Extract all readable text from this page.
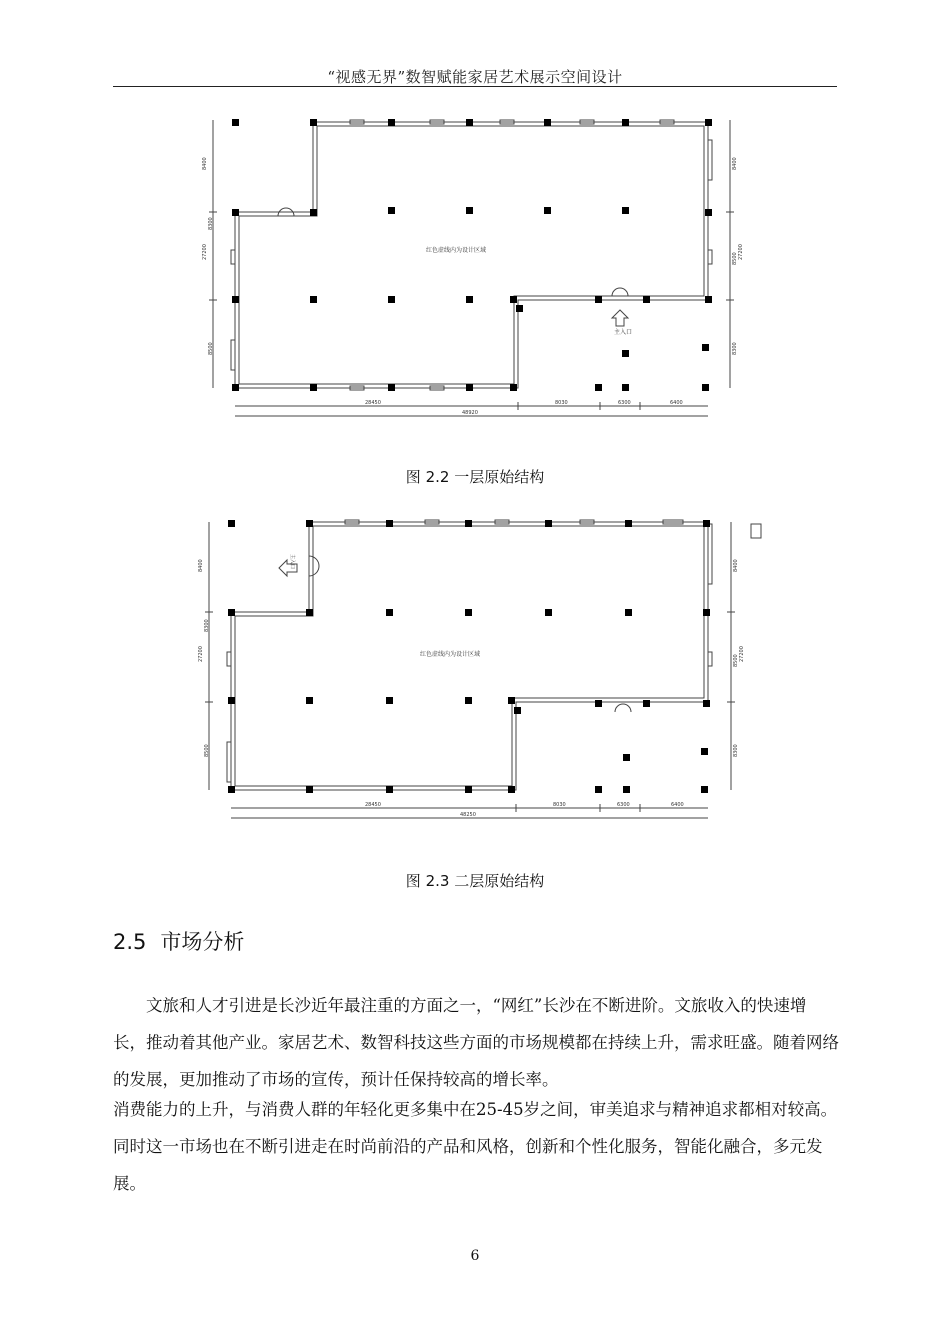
“视感无界”数智赋能家居艺术展示空间设计
红色虚线内为设计区域
主入口
28450
48920
8030	6300	6400
8400
27200
8300
8500
8400
27200
8500
8300
图 2.2 一层原始结构
红色虚线内为设计区域
主入口
28450
48250
8030	6300	6400
8400
27200
8300
8500
8400
27200
8500
8300
图 2.3 二层原始结构
2.5 市场分析

文旅和人才引进是长沙近年最注重的方面之一，“网红”长沙在不断进阶。文旅收入的快速增长，推动着其他产业。家居艺术、数智科技这些方面的市场规模都在持续上升，需求旺盛。随着网络的发展，更加推动了市场的宣传，预计任保持较高的增长率。

消费能力的上升，与消费人群的年轻化更多集中在25-45岁之间，审美追求与精神追求都相对较高。同时这一市场也在不断引进走在时尚前沿的产品和风格，创新和个性化服务，智能化融合，多元发展。

6
